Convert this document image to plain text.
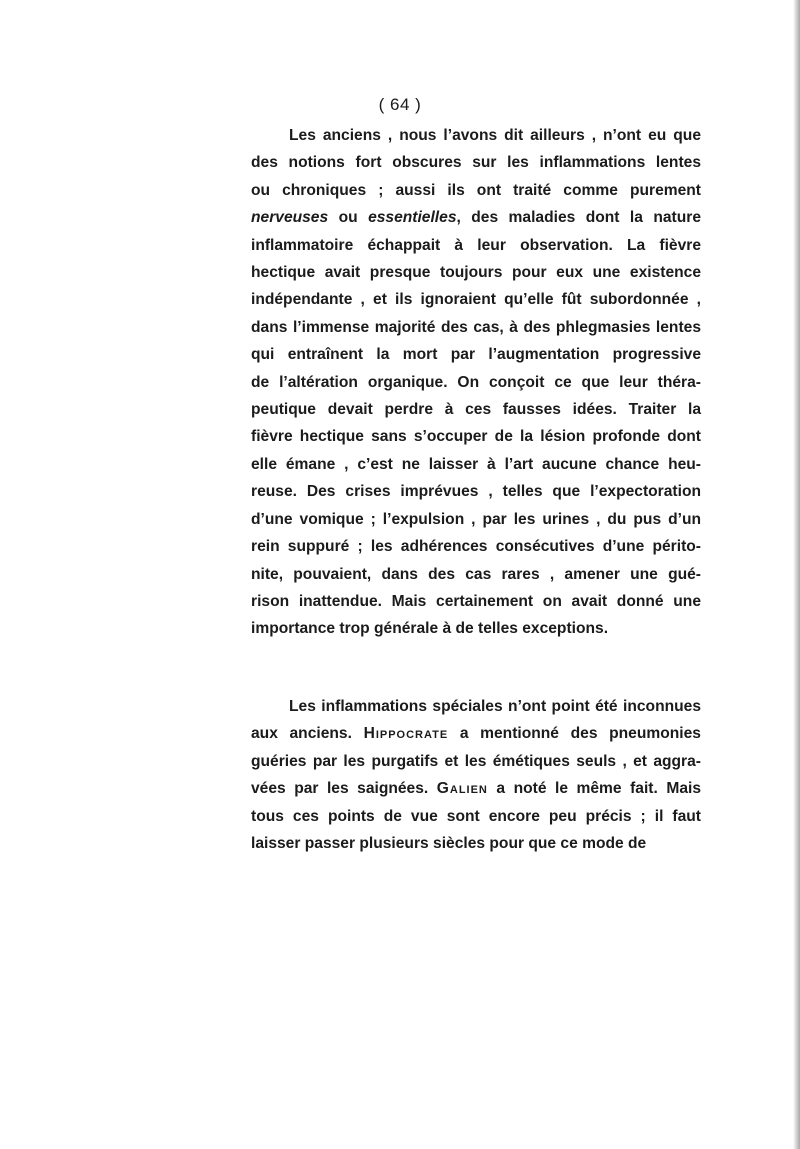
( 64 )
Les anciens , nous l’avons dit ailleurs , n’ont eu que
des notions fort obscures sur les inflammations lentes
ou chroniques ; aussi ils ont traité comme purement
nerveuses ou essentielles, des maladies dont la nature
inflammatoire échappait à leur observation. La fièvre
hectique avait presque toujours pour eux une existence
indépendante , et ils ignoraient qu’elle fût subordonnée ,
dans l’immense majorité des cas, à des phlegmasies lentes
qui entraînent la mort par l’augmentation progressive
de l’altération organique. On conçoit ce que leur théra-
peutique devait perdre à ces fausses idées. Traiter la
fièvre hectique sans s’occuper de la lésion profonde dont
elle émane , c’est ne laisser à l’art aucune chance heu-
reuse. Des crises imprévues , telles que l’expectoration
d’une vomique ; l’expulsion , par les urines , du pus d’un
rein suppuré ; les adhérences consécutives d’une périto-
nite, pouvaient, dans des cas rares , amener une gué-
rison inattendue. Mais certainement on avait donné une
importance trop générale à de telles exceptions.
Les inflammations spéciales n’ont point été inconnues
aux anciens. Hippocrate a mentionné des pneumonies
guéries par les purgatifs et les émétiques seuls , et aggra-
vées par les saignées. Galien a noté le même fait. Mais
tous ces points de vue sont encore peu précis ; il faut
laisser passer plusieurs siècles pour que ce mode de
